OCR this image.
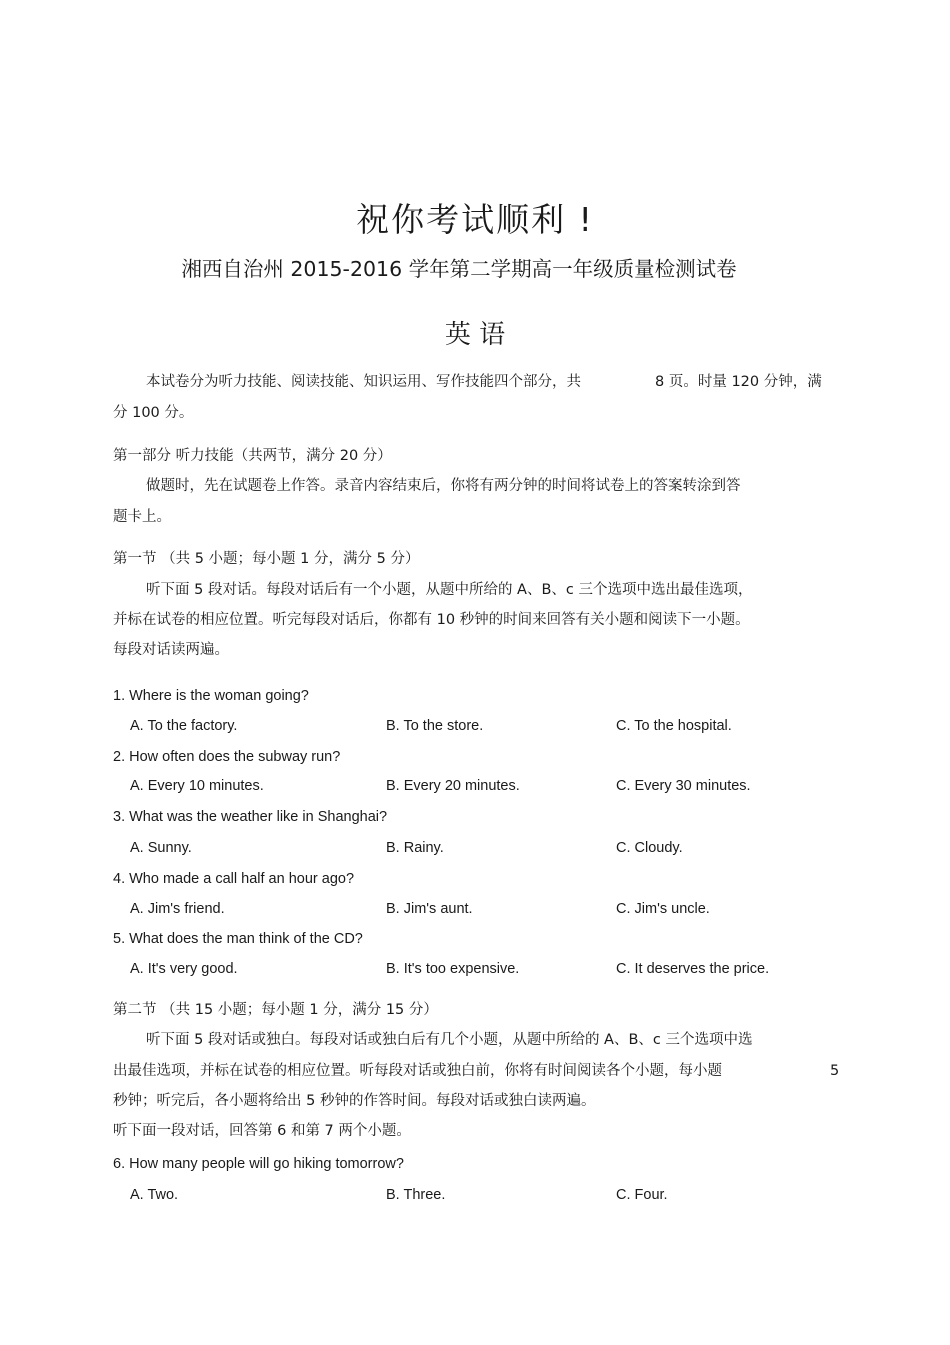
祝你考试顺利 !
湘西自治州 2015-2016 学年第二学期高一年级质量检测试卷
英 语
本试卷分为听力技能、阅读技能、知识运用、写作技能四个部分，共	8 页。时量 120 分钟，满
分 100 分。
第一部分 听力技能（共两节，满分 20 分）
做题时，先在试题卷上作答。录音内容结束后，你将有两分钟的时间将试卷上的答案转涂到答
题卡上。
第一节 （共 5 小题；每小题 1 分，满分 5 分）
听下面 5 段对话。每段对话后有一个小题，从题中所给的 A、B、c 三个选项中选出最佳选项，
并标在试卷的相应位置。听完每段对话后，你都有 10 秒钟的时间来回答有关小题和阅读下一小题。
每段对话读两遍。
1. Where is the woman going?
A. To the factory.	B. To the store.	C. To the hospital.
2. How often does the subway run?
A. Every 10 minutes.	B. Every 20 minutes.	C. Every 30 minutes.
3. What was the weather like in Shanghai?
A. Sunny.	B. Rainy.	C. Cloudy.
4. Who made a call half an hour ago?
A. Jim's friend.	B. Jim's aunt.	C. Jim's uncle.
5. What does the man think of the CD?
A. It's very good.	B. It's too expensive.	C. It deserves the price.
第二节 （共 15 小题；每小题 1 分，满分 15 分）
听下面 5 段对话或独白。每段对话或独白后有几个小题，从题中所给的 A、B、c 三个选项中选
出最佳选项，并标在试卷的相应位置。听每段对话或独白前，你将有时间阅读各个小题，每小题	5
秒钟；听完后，各小题将给出 5 秒钟的作答时间。每段对话或独白读两遍。
听下面一段对话，回答第 6 和第 7 两个小题。
6. How many people will go hiking tomorrow?
A. Two.	B. Three.	C. Four.
